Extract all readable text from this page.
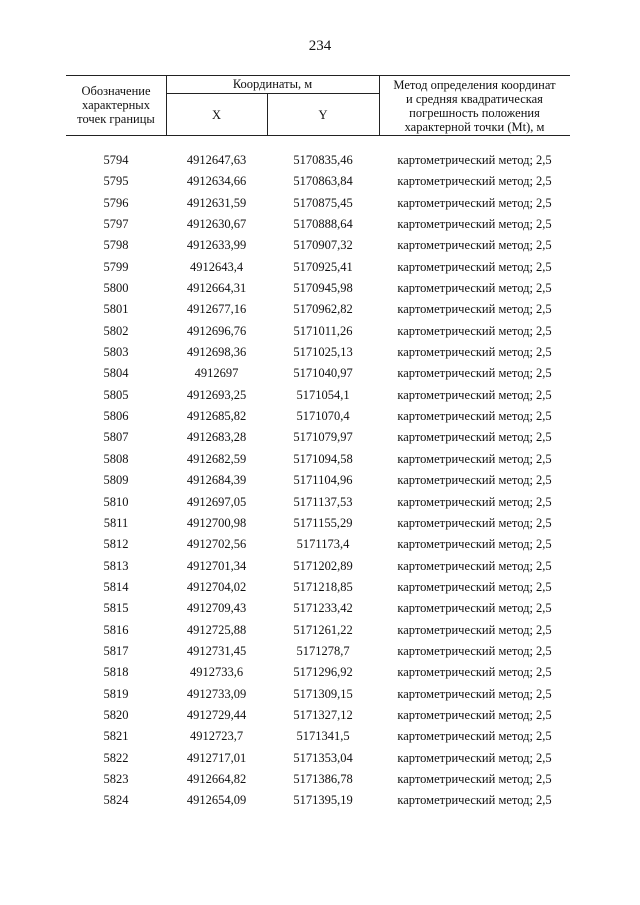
234
Обозначение
характерных
точек границы
Координаты, м
X	Y
Метод определения координат
и средняя квадратическая
погрешность положения
характерной точки (Mt), м
5794	4912647,63	5170835,46	картометрический метод; 2,5
5795	4912634,66	5170863,84	картометрический метод; 2,5
5796	4912631,59	5170875,45	картометрический метод; 2,5
5797	4912630,67	5170888,64	картометрический метод; 2,5
5798	4912633,99	5170907,32	картометрический метод; 2,5
5799	4912643,4	5170925,41	картометрический метод; 2,5
5800	4912664,31	5170945,98	картометрический метод; 2,5
5801	4912677,16	5170962,82	картометрический метод; 2,5
5802	4912696,76	5171011,26	картометрический метод; 2,5
5803	4912698,36	5171025,13	картометрический метод; 2,5
5804	4912697	5171040,97	картометрический метод; 2,5
5805	4912693,25	5171054,1	картометрический метод; 2,5
5806	4912685,82	5171070,4	картометрический метод; 2,5
5807	4912683,28	5171079,97	картометрический метод; 2,5
5808	4912682,59	5171094,58	картометрический метод; 2,5
5809	4912684,39	5171104,96	картометрический метод; 2,5
5810	4912697,05	5171137,53	картометрический метод; 2,5
5811	4912700,98	5171155,29	картометрический метод; 2,5
5812	4912702,56	5171173,4	картометрический метод; 2,5
5813	4912701,34	5171202,89	картометрический метод; 2,5
5814	4912704,02	5171218,85	картометрический метод; 2,5
5815	4912709,43	5171233,42	картометрический метод; 2,5
5816	4912725,88	5171261,22	картометрический метод; 2,5
5817	4912731,45	5171278,7	картометрический метод; 2,5
5818	4912733,6	5171296,92	картометрический метод; 2,5
5819	4912733,09	5171309,15	картометрический метод; 2,5
5820	4912729,44	5171327,12	картометрический метод; 2,5
5821	4912723,7	5171341,5	картометрический метод; 2,5
5822	4912717,01	5171353,04	картометрический метод; 2,5
5823	4912664,82	5171386,78	картометрический метод; 2,5
5824	4912654,09	5171395,19	картометрический метод; 2,5
